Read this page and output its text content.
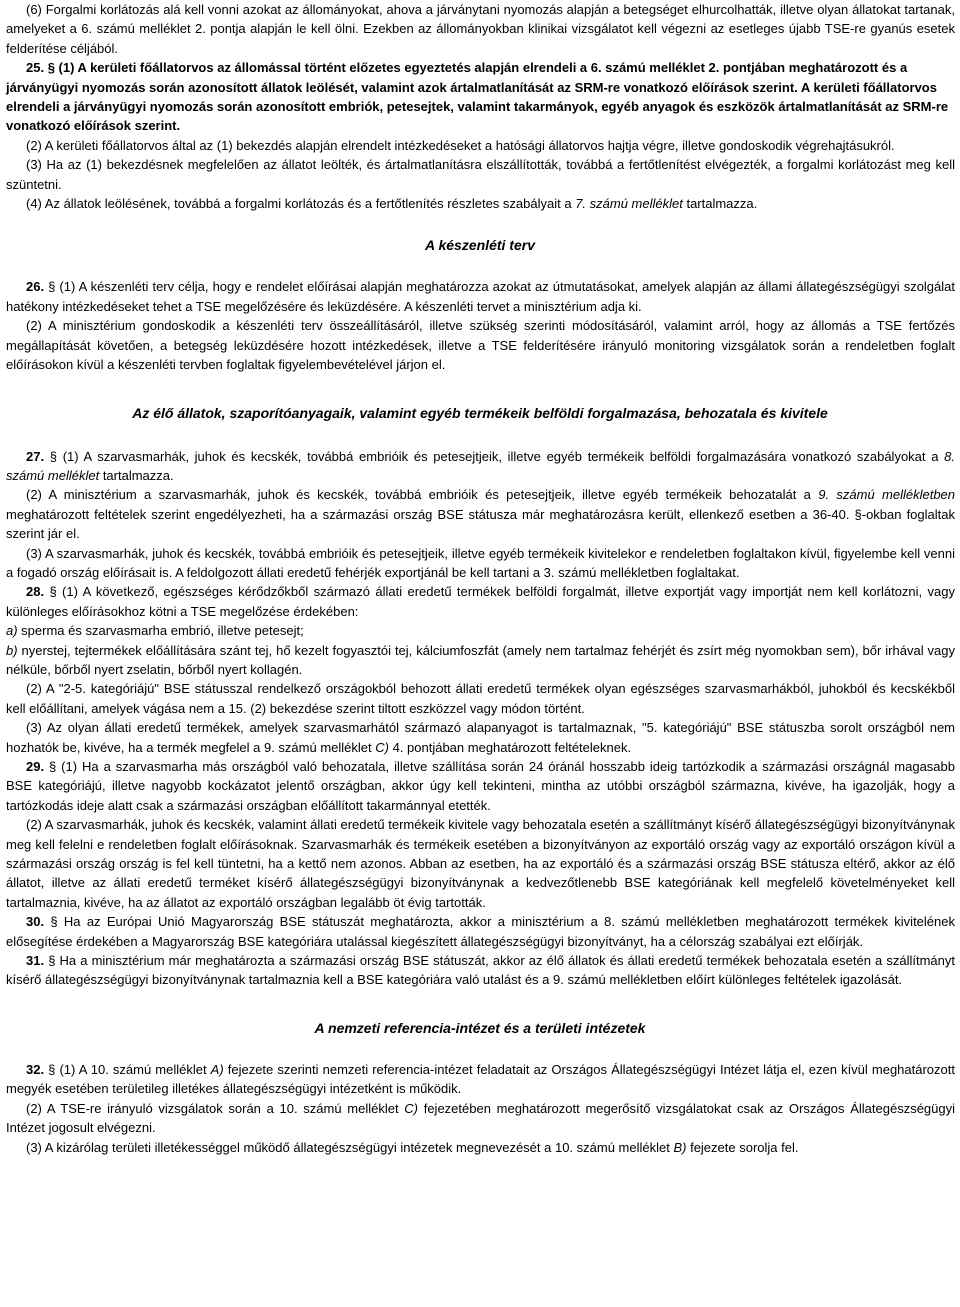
(6) Forgalmi korlátozás alá kell vonni azokat az állományokat, ahova a járványtani nyomozás alapján a betegséget elhurcolhatták, illetve olyan állatokat tartanak, amelyeket a 6. számú melléklet 2. pontja alapján le kell ölni. Ezekben az állományokban klinikai vizsgálatot kell végezni az esetleges újabb TSE-re gyanús esetek felderítése céljából.

25. § (1) A kerületi főállatorvos az állomással történt előzetes egyeztetés alapján elrendeli a 6. számú melléklet 2. pontjában meghatározott és a járványügyi nyomozás során azonosított állatok leölését, valamint azok ártalmatlanítását az SRM-re vonatkozó előírások szerint. A kerületi főállatorvos elrendeli a járványügyi nyomozás során azonosított embriók, petesejtek, valamint takarmányok, egyéb anyagok és eszközök ártalmatlanítását az SRM-re vonatkozó előírások szerint.

(2) A kerületi főállatorvos által az (1) bekezdés alapján elrendelt intézkedéseket a hatósági állatorvos hajtja végre, illetve gondoskodik végrehajtásukról.

(3) Ha az (1) bekezdésnek megfelelően az állatot leölték, és ártalmatlanításra elszállították, továbbá a fertőtlenítést elvégezték, a forgalmi korlátozást meg kell szüntetni.

(4) Az állatok leölésének, továbbá a forgalmi korlátozás és a fertőtlenítés részletes szabályait a 7. számú melléklet tartalmazza.

A készenléti terv

26. § (1) A készenléti terv célja, hogy e rendelet előírásai alapján meghatározza azokat az útmutatásokat, amelyek alapján az állami állategészségügyi szolgálat hatékony intézkedéseket tehet a TSE megelőzésére és leküzdésére. A készenléti tervet a minisztérium adja ki.

(2) A minisztérium gondoskodik a készenléti terv összeállításáról, illetve szükség szerinti módosításáról, valamint arról, hogy az állomás a TSE fertőzés megállapítását követően, a betegség leküzdésére hozott intézkedések, illetve a TSE felderítésére irányuló monitoring vizsgálatok során a rendeletben foglalt előírásokon kívül a készenléti tervben foglaltak figyelembevételével járjon el.

Az élő állatok, szaporítóanyagaik, valamint egyéb termékeik belföldi forgalmazása, behozatala és kivitele

27. § (1) A szarvasmarhák, juhok és kecskék, továbbá embrióik és petesejtjeik, illetve egyéb termékeik belföldi forgalmazására vonatkozó szabályokat a 8. számú melléklet tartalmazza.

(2) A minisztérium a szarvasmarhák, juhok és kecskék, továbbá embrióik és petesejtjeik, illetve egyéb termékeik behozatalát a 9. számú mellékletben meghatározott feltételek szerint engedélyezheti, ha a származási ország BSE státusza már meghatározásra került, ellenkező esetben a 36-40. §-okban foglaltak szerint jár el.

(3) A szarvasmarhák, juhok és kecskék, továbbá embrióik és petesejtjeik, illetve egyéb termékeik kivitelekor e rendeletben foglaltakon kívül, figyelembe kell venni a fogadó ország előírásait is. A feldolgozott állati eredetű fehérjék exportjánál be kell tartani a 3. számú mellékletben foglaltakat.

28. § (1) A következő, egészséges kérődzőkből származó állati eredetű termékek belföldi forgalmát, illetve exportját vagy importját nem kell korlátozni, vagy különleges előírásokhoz kötni a TSE megelőzése érdekében:

a) sperma és szarvasmarha embrió, illetve petesejt;

b) nyerstej, tejtermékek előállítására szánt tej, hő kezelt fogyasztói tej, kálciumfoszfát (amely nem tartalmaz fehérjét és zsírt még nyomokban sem), bőr irhával vagy nélküle, bőrből nyert zselatin, bőrből nyert kollagén.

(2) A "2-5. kategóriájú" BSE státusszal rendelkező országokból behozott állati eredetű termékek olyan egészséges szarvasmarhákból, juhokból és kecskékből kell előállítani, amelyek vágása nem a 15. (2) bekezdése szerint tiltott eszközzel vagy módon történt.

(3) Az olyan állati eredetű termékek, amelyek szarvasmarhától származó alapanyagot is tartalmaznak, "5. kategóriájú" BSE státuszba sorolt országból nem hozhatók be, kivéve, ha a termék megfelel a 9. számú melléklet C) 4. pontjában meghatározott feltételeknek.

29. § (1) Ha a szarvasmarha más országból való behozatala, illetve szállítása során 24 óránál hosszabb ideig tartózkodik a származási országnál magasabb BSE kategóriájú, illetve nagyobb kockázatot jelentő országban, akkor úgy kell tekinteni, mintha az utóbbi országból származna, kivéve, ha igazolják, hogy a tartózkodás ideje alatt csak a származási országban előállított takarmánnyal etették.

(2) A szarvasmarhák, juhok és kecskék, valamint állati eredetű termékeik kivitele vagy behozatala esetén a szállítmányt kísérő állategészségügyi bizonyítványnak meg kell felelni e rendeletben foglalt előírásoknak. Szarvasmarhák és termékeik esetében a bizonyítványon az exportáló ország vagy az exportáló országon kívül a származási ország ország is fel kell tüntetni, ha a kettő nem azonos. Abban az esetben, ha az exportáló és a származási ország BSE státusza eltérő, akkor az élő állatot, illetve az állati eredetű terméket kísérő állategészségügyi bizonyítványnak a kedvezőtlenebb BSE kategóriának kell megfelelő követelményeket kell tartalmaznia, kivéve, ha az állatot az exportáló országban legalább öt évig tartották.

30. § Ha az Európai Unió Magyarország BSE státuszát meghatározta, akkor a minisztérium a 8. számú mellékletben meghatározott termékek kivitelének elősegítése érdekében a Magyarország BSE kategóriára utalással kiegészített állategészségügyi bizonyítványt, ha a célország szabályai ezt előírják.

31. § Ha a minisztérium már meghatározta a származási ország BSE státuszát, akkor az élő állatok és állati eredetű termékek behozatala esetén a szállítmányt kísérő állategészségügyi bizonyítványnak tartalmaznia kell a BSE kategóriára való utalást és a 9. számú mellékletben előírt különleges feltételek igazolását.

A nemzeti referencia-intézet és a területi intézetek

32. § (1) A 10. számú melléklet A) fejezete szerinti nemzeti referencia-intézet feladatait az Országos Állategészségügyi Intézet látja el, ezen kívül meghatározott megyék esetében területileg illetékes állategészségügyi intézetként is működik.

(2) A TSE-re irányuló vizsgálatok során a 10. számú melléklet C) fejezetében meghatározott megerősítő vizsgálatokat csak az Országos Állategészségügyi Intézet jogosult elvégezni.

(3) A kizárólag területi illetékességgel működő állategészségügyi intézetek megnevezését a 10. számú melléklet B) fejezete sorolja fel.
